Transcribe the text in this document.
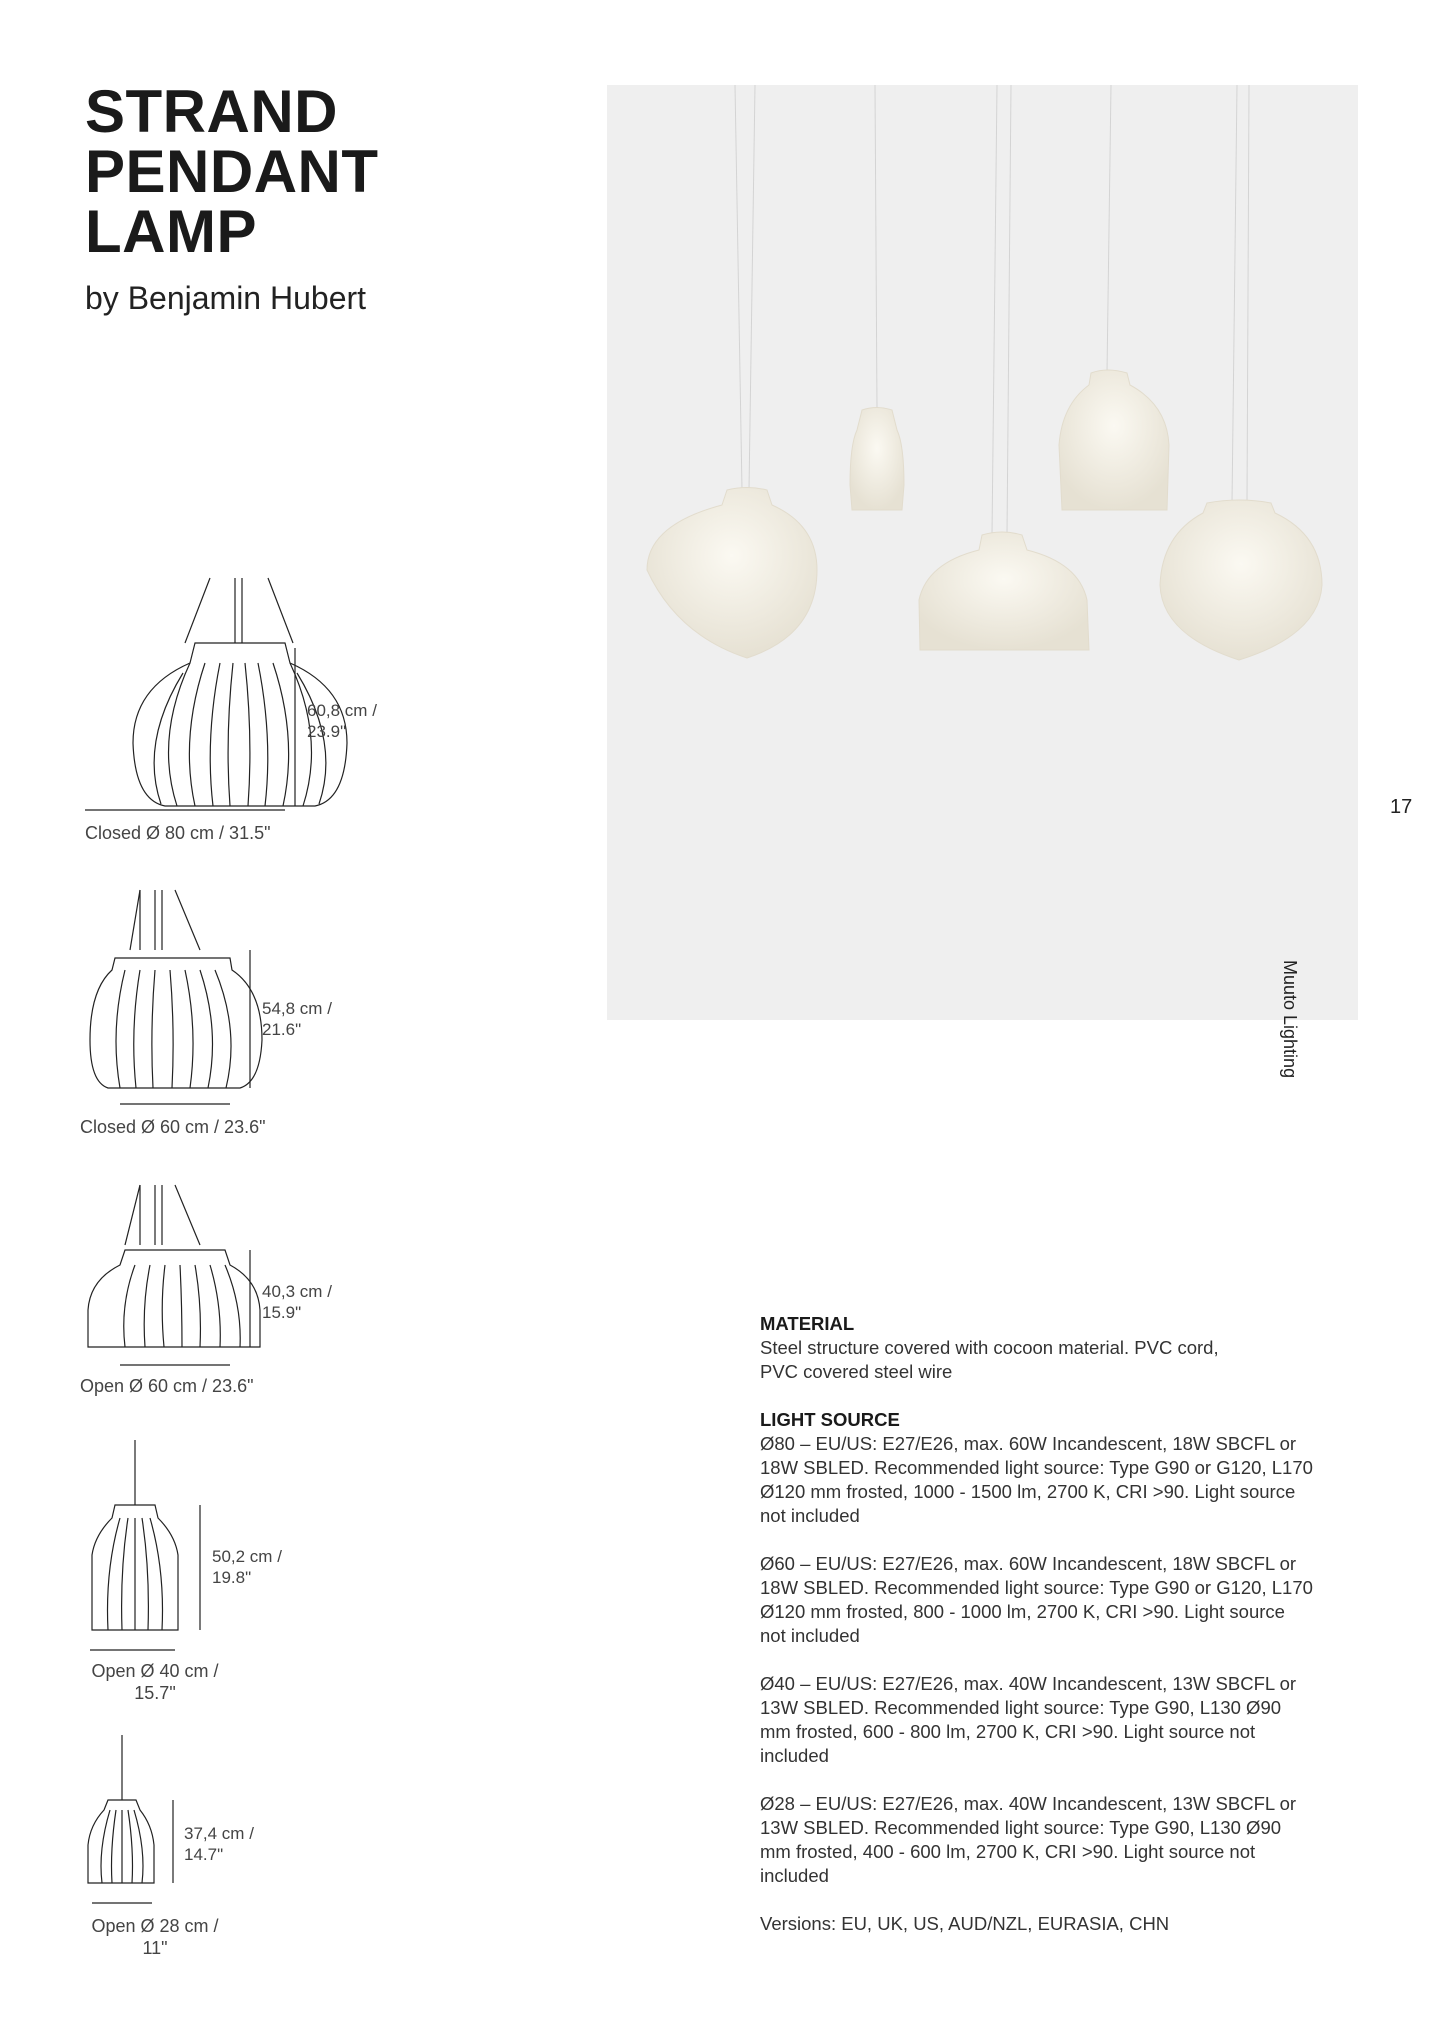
STRAND
PENDANT
LAMP
by Benjamin Hubert
17
Muuto Lighting
60,8 cm /
23.9"
Closed Ø 80 cm / 31.5"
54,8 cm /
21.6"
Closed Ø 60 cm / 23.6"
40,3 cm /
15.9"
Open Ø 60 cm / 23.6"
50,2 cm /
19.8"
Open Ø 40 cm /
15.7"
37,4 cm /
14.7"
Open Ø 28 cm /
11"
MATERIAL

Steel structure covered with cocoon material. PVC cord,

PVC covered steel wire

LIGHT SOURCE

Ø80 – EU/US: E27/E26, max. 60W Incandescent, 18W SBCFL or

18W SBLED. Recommended light source: Type G90 or G120, L170

Ø120 mm frosted, 1000 - 1500 lm, 2700 K, CRI >90. Light source

not included

Ø60 – EU/US: E27/E26, max. 60W Incandescent, 18W SBCFL or

18W SBLED. Recommended light source: Type G90 or G120, L170

Ø120 mm frosted, 800 - 1000 lm, 2700 K, CRI >90. Light source

not included

Ø40 – EU/US: E27/E26, max. 40W Incandescent, 13W SBCFL or

13W SBLED. Recommended light source: Type G90, L130 Ø90

mm frosted, 600 - 800 lm, 2700 K, CRI >90. Light source not

included

Ø28 – EU/US: E27/E26, max. 40W Incandescent, 13W SBCFL or

13W SBLED. Recommended light source: Type G90, L130 Ø90

mm frosted, 400 - 600 lm, 2700 K, CRI >90. Light source not

included

Versions: EU, UK, US, AUD/NZL, EURASIA, CHN
